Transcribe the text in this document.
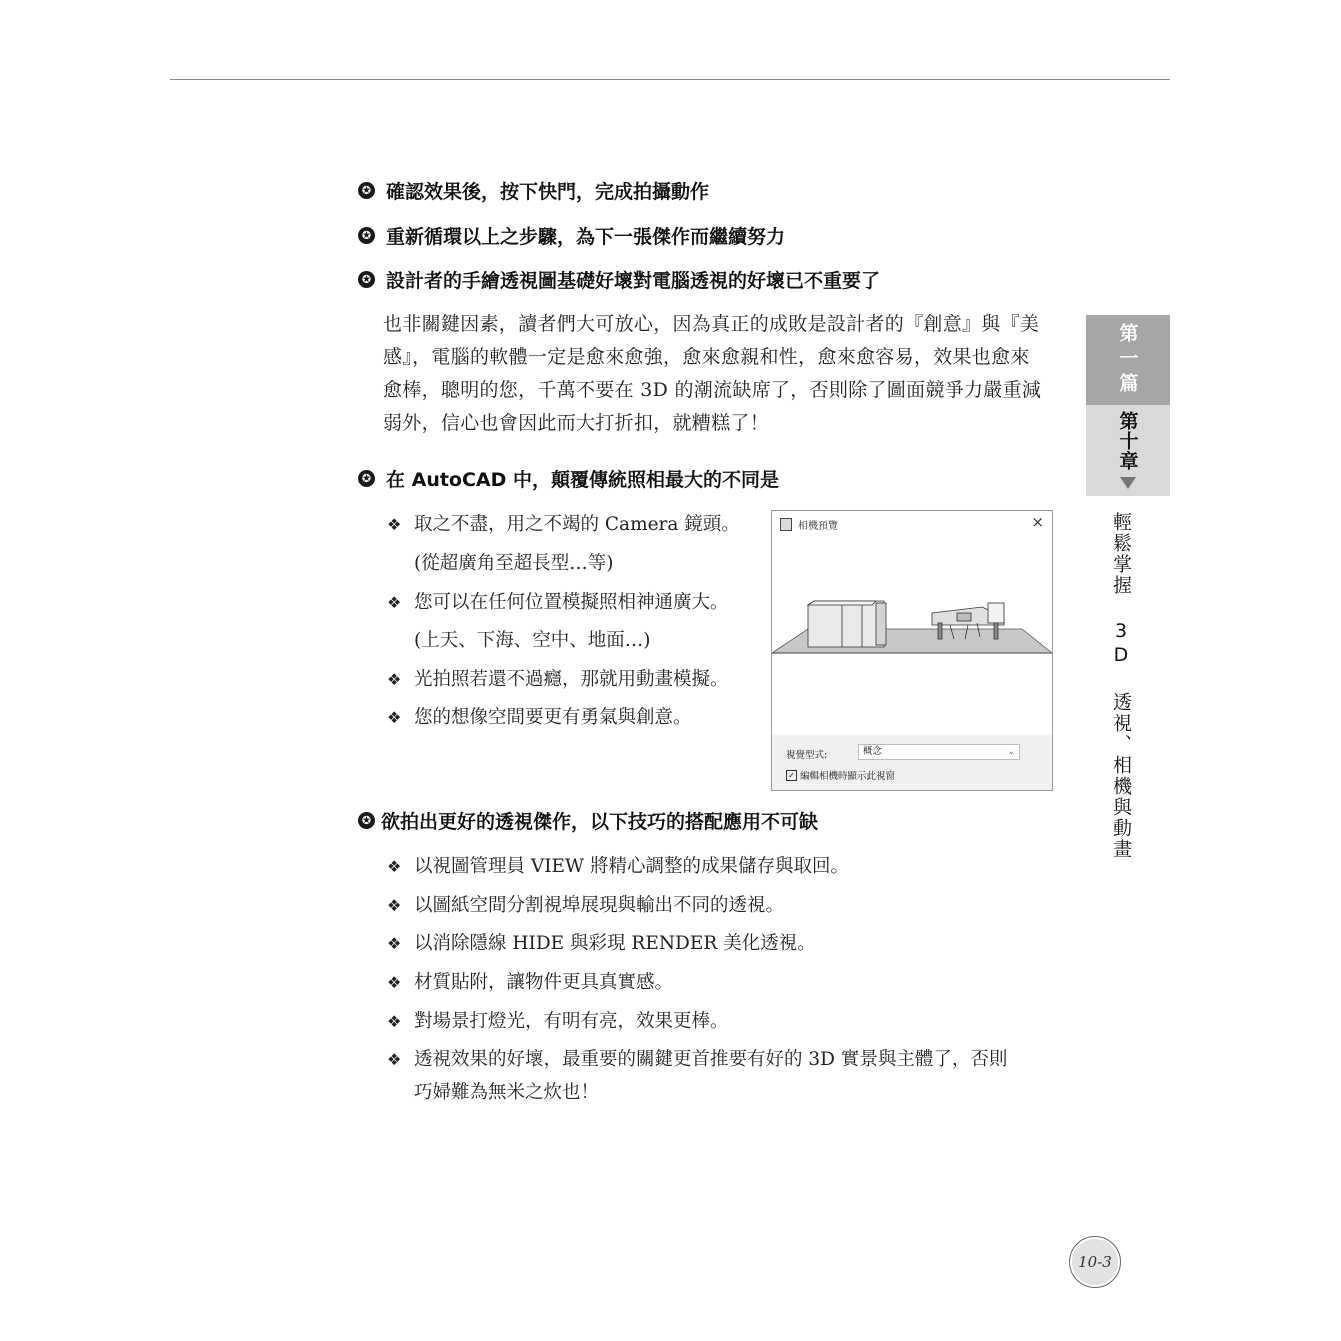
✪ 確認效果後，按下快門，完成拍攝動作
✪ 重新循環以上之步驟，為下一張傑作而繼續努力
✪ 設計者的手繪透視圖基礎好壞對電腦透視的好壞已不重要了
也非關鍵因素，讀者們大可放心，因為真正的成敗是設計者的『創意』與『美
感』，電腦的軟體一定是愈來愈強，愈來愈親和性，愈來愈容易，效果也愈來
愈棒，聰明的您，千萬不要在 3D 的潮流缺席了，否則除了圖面競爭力嚴重減
弱外，信心也會因此而大打折扣，就糟糕了！
✪ 在 AutoCAD 中，顛覆傳統照相最大的不同是
❖ 取之不盡，用之不竭的 Camera 鏡頭。
(從超廣角至超長型…等)
❖ 您可以在任何位置模擬照相神通廣大。
(上天、下海、空中、地面…)
❖ 光拍照若還不過癮，那就用動畫模擬。
❖ 您的想像空間要更有勇氣與創意。
相機預覽	×
視覺型式:	概念	⌄
✓ 編輯相機時顯示此視窗
✪ 欲拍出更好的透視傑作，以下技巧的搭配應用不可缺
❖ 以視圖管理員 VIEW 將精心調整的成果儲存與取回。
❖ 以圖紙空間分割視埠展現與輸出不同的透視。
❖ 以消除隱線 HIDE 與彩現 RENDER 美化透視。
❖ 材質貼附，讓物件更具真實感。
❖ 對場景打燈光，有明有亮，效果更棒。
❖ 透視效果的好壞，最重要的關鍵更首推要有好的 3D 實景與主體了，否則
巧婦難為無米之炊也！
第一篇
第十章
輕鬆掌握 3D 透視、相機與動畫
10-3
